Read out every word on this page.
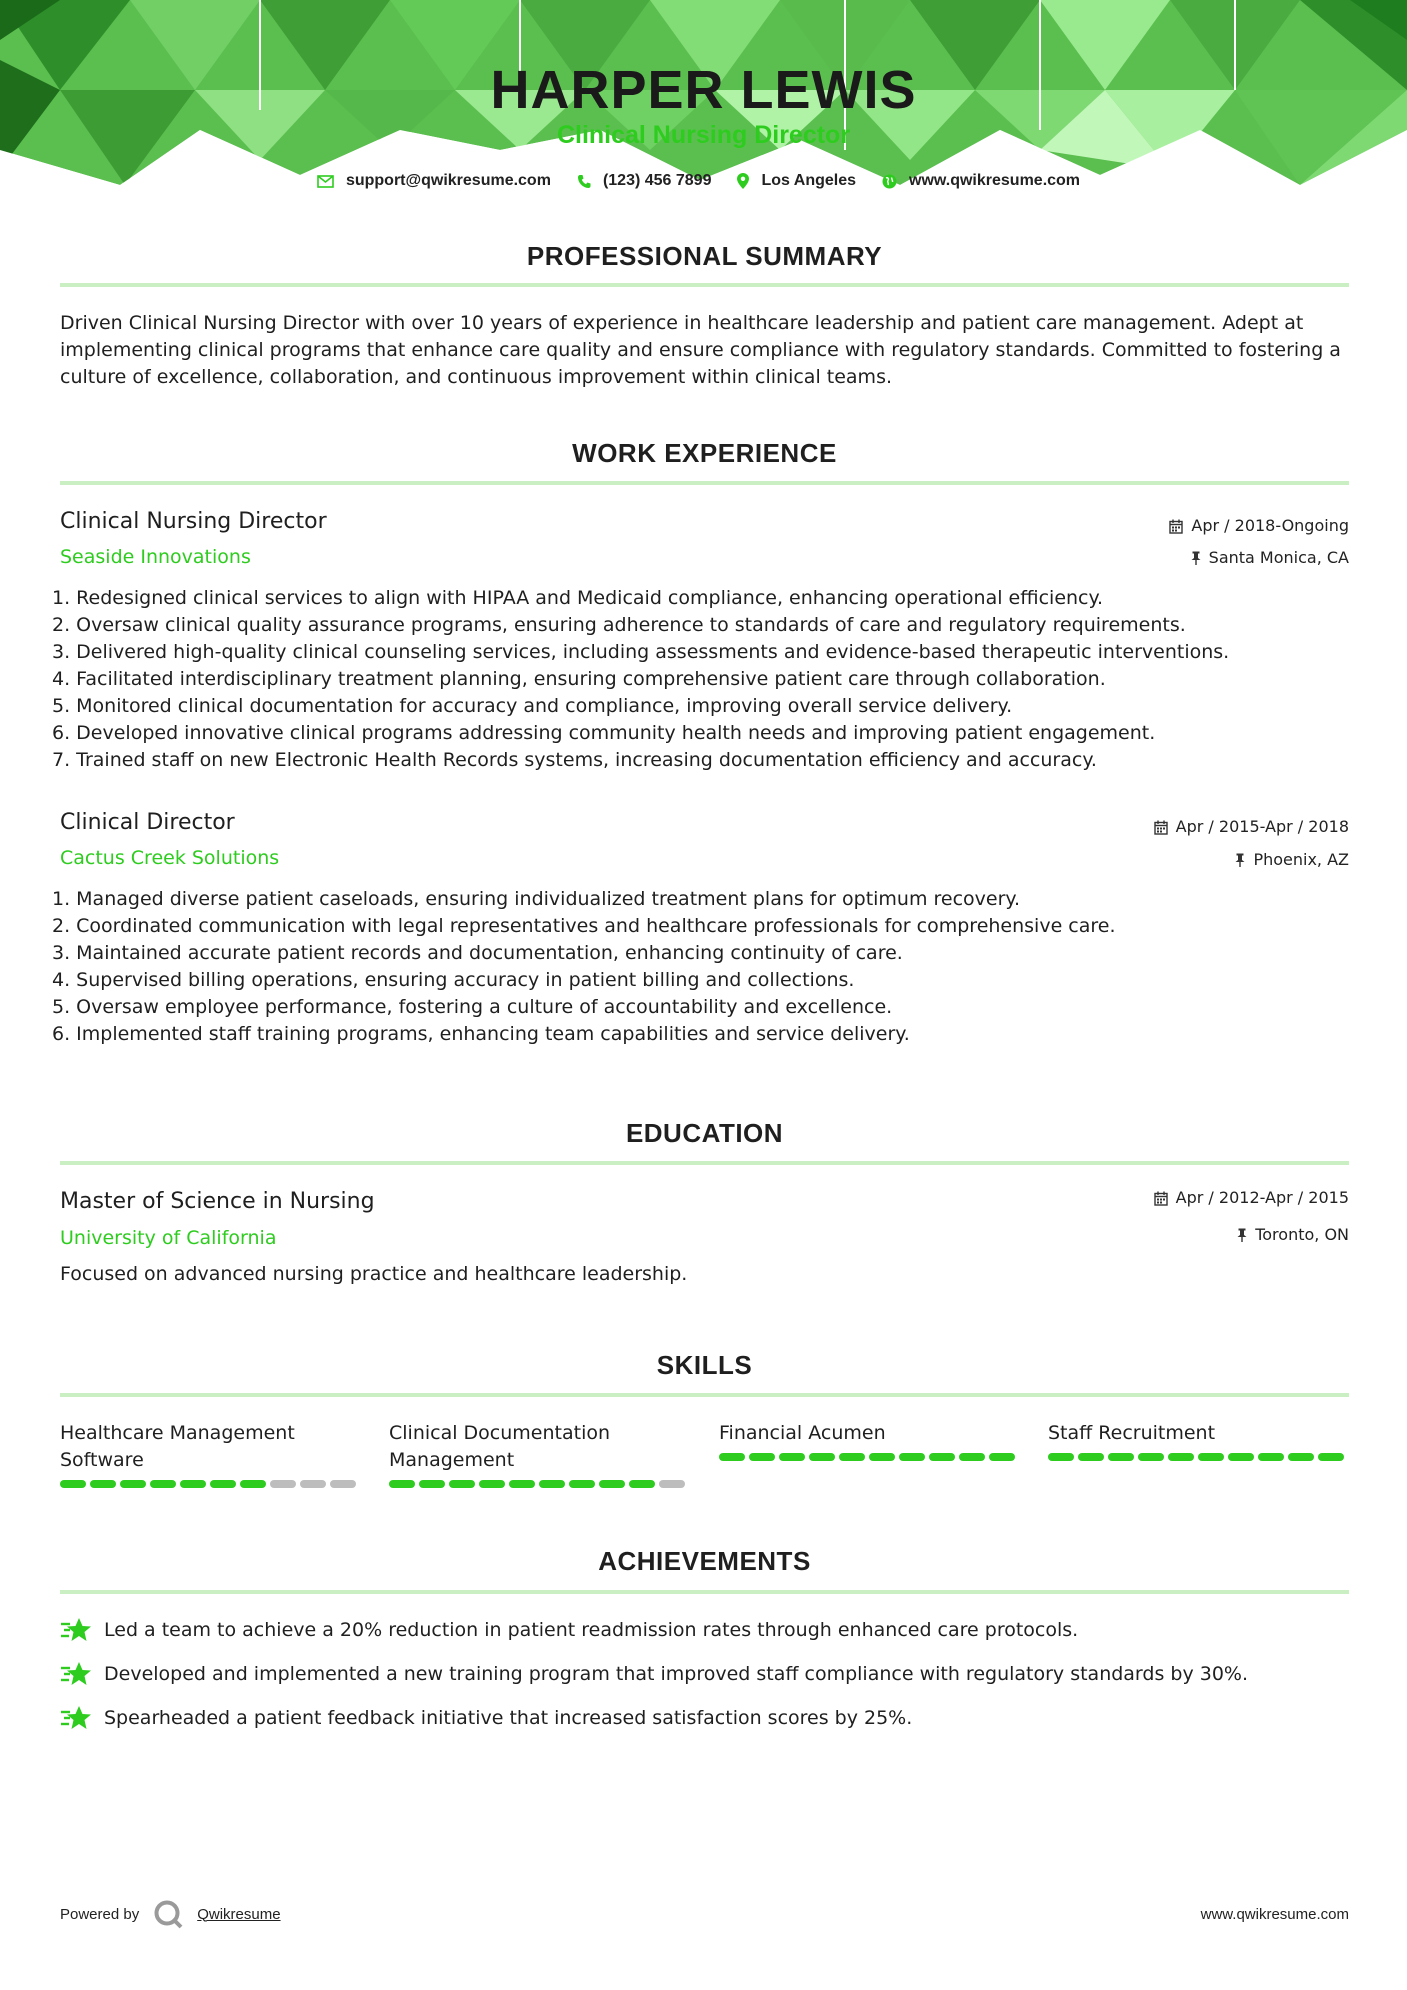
HARPER LEWIS
Clinical Nursing Director
support@qwikresume.com	(123) 456 7899	Los Angeles	www.qwikresume.com
PROFESSIONAL SUMMARY

Driven Clinical Nursing Director with over 10 years of experience in healthcare leadership and patient care management. Adept at implementing clinical programs that enhance care quality and ensure compliance with regulatory standards. Committed to fostering a culture of excellence, collaboration, and continuous improvement within clinical teams.

WORK EXPERIENCE
Clinical Nursing Director
Seaside Innovations
Apr / 2018-Ongoing
Santa Monica, CA
1. Redesigned clinical services to align with HIPAA and Medicaid compliance, enhancing operational efficiency.
2. Oversaw clinical quality assurance programs, ensuring adherence to standards of care and regulatory requirements.
3. Delivered high-quality clinical counseling services, including assessments and evidence-based therapeutic interventions.
4. Facilitated interdisciplinary treatment planning, ensuring comprehensive patient care through collaboration.
5. Monitored clinical documentation for accuracy and compliance, improving overall service delivery.
6. Developed innovative clinical programs addressing community health needs and improving patient engagement.
7. Trained staff on new Electronic Health Records systems, increasing documentation efficiency and accuracy.
Clinical Director
Cactus Creek Solutions
Apr / 2015-Apr / 2018
Phoenix, AZ
1. Managed diverse patient caseloads, ensuring individualized treatment plans for optimum recovery.
2. Coordinated communication with legal representatives and healthcare professionals for comprehensive care.
3. Maintained accurate patient records and documentation, enhancing continuity of care.
4. Supervised billing operations, ensuring accuracy in patient billing and collections.
5. Oversaw employee performance, fostering a culture of accountability and excellence.
6. Implemented staff training programs, enhancing team capabilities and service delivery.
EDUCATION
Master of Science in Nursing
University of California
Apr / 2012-Apr / 2015
Toronto, ON
Focused on advanced nursing practice and healthcare leadership.
SKILLS
Healthcare Management Software
Clinical Documentation Management
Financial Acumen	Staff Recruitment
ACHIEVEMENTS
Led a team to achieve a 20% reduction in patient readmission rates through enhanced care protocols.
Developed and implemented a new training program that improved staff compliance with regulatory standards by 30%.
Spearheaded a patient feedback initiative that increased satisfaction scores by 25%.
Powered by	Qwikresume	www.qwikresume.com
